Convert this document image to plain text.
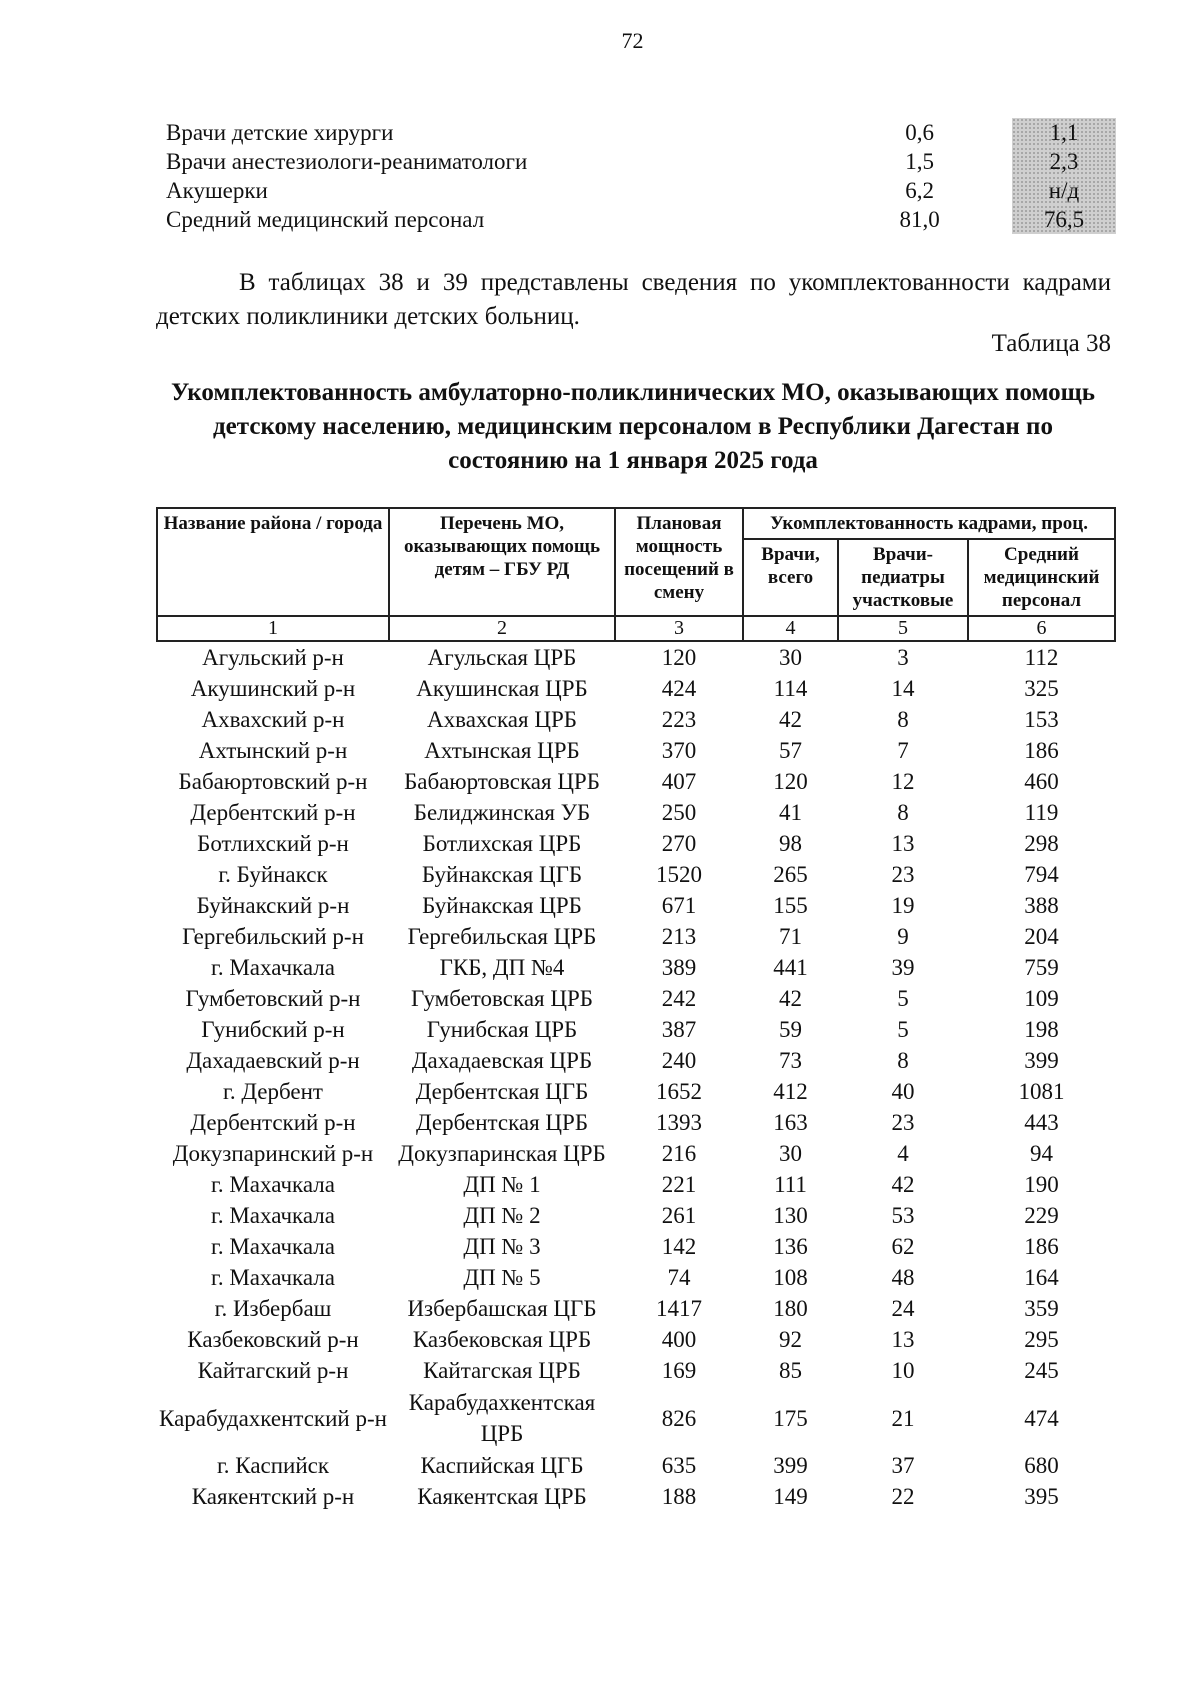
72
Врачи детские хирурги	0,6	1,1
Врачи анестезиологи-реаниматологи	1,5	2,3
Акушерки	6,2	н/д
Средний медицинский персонал	81,0	76,5

В таблицах 38 и 39 представлены сведения по укомплектованности кадрами детских поликлиники детских больниц.

Таблица 38
Укомплектованность амбулаторно-поликлинических МО, оказывающих помощь детскому населению, медицинским персоналом в Республики Дагестан по состоянию на 1 января 2025 года
Название района / города	Перечень МО, оказывающих помощь детям – ГБУ РД	Плановая мощность посещений в смену	Укомплектованность кадрами, проц.		
			Врачи, всего	Врачи-педиатры участковые	Средний медицинский персонал
1	2	3	4	5	6
Агульский р-н	Агульская ЦРБ	120	30	3	112
Акушинский р-н	Акушинская ЦРБ	424	114	14	325
Ахвахский р-н	Ахвахская ЦРБ	223	42	8	153
Ахтынский р-н	Ахтынская ЦРБ	370	57	7	186
Бабаюртовский р-н	Бабаюртовская ЦРБ	407	120	12	460
Дербентский р-н	Белиджинская УБ	250	41	8	119
Ботлихский р-н	Ботлихская ЦРБ	270	98	13	298
г. Буйнакск	Буйнакская ЦГБ	1520	265	23	794
Буйнакский р-н	Буйнакская ЦРБ	671	155	19	388
Гергебильский р-н	Гергебильская ЦРБ	213	71	9	204
г. Махачкала	ГКБ, ДП №4	389	441	39	759
Гумбетовский р-н	Гумбетовская ЦРБ	242	42	5	109
Гунибский р-н	Гунибская ЦРБ	387	59	5	198
Дахадаевский р-н	Дахадаевская ЦРБ	240	73	8	399
г. Дербент	Дербентская ЦГБ	1652	412	40	1081
Дербентский р-н	Дербентская ЦРБ	1393	163	23	443
Докузпаринский р-н	Докузпаринская ЦРБ	216	30	4	94
г. Махачкала	ДП № 1	221	111	42	190
г. Махачкала	ДП № 2	261	130	53	229
г. Махачкала	ДП № 3	142	136	62	186
г. Махачкала	ДП № 5	74	108	48	164
г. Избербаш	Избербашская ЦГБ	1417	180	24	359
Казбековский р-н	Казбековская ЦРБ	400	92	13	295
Кайтагский р-н	Кайтагская ЦРБ	169	85	10	245
Карабудахкентский р-н	Карабудахкентская ЦРБ	826	175	21	474
г. Каспийск	Каспийская ЦГБ	635	399	37	680
Каякентский р-н	Каякентская ЦРБ	188	149	22	395
